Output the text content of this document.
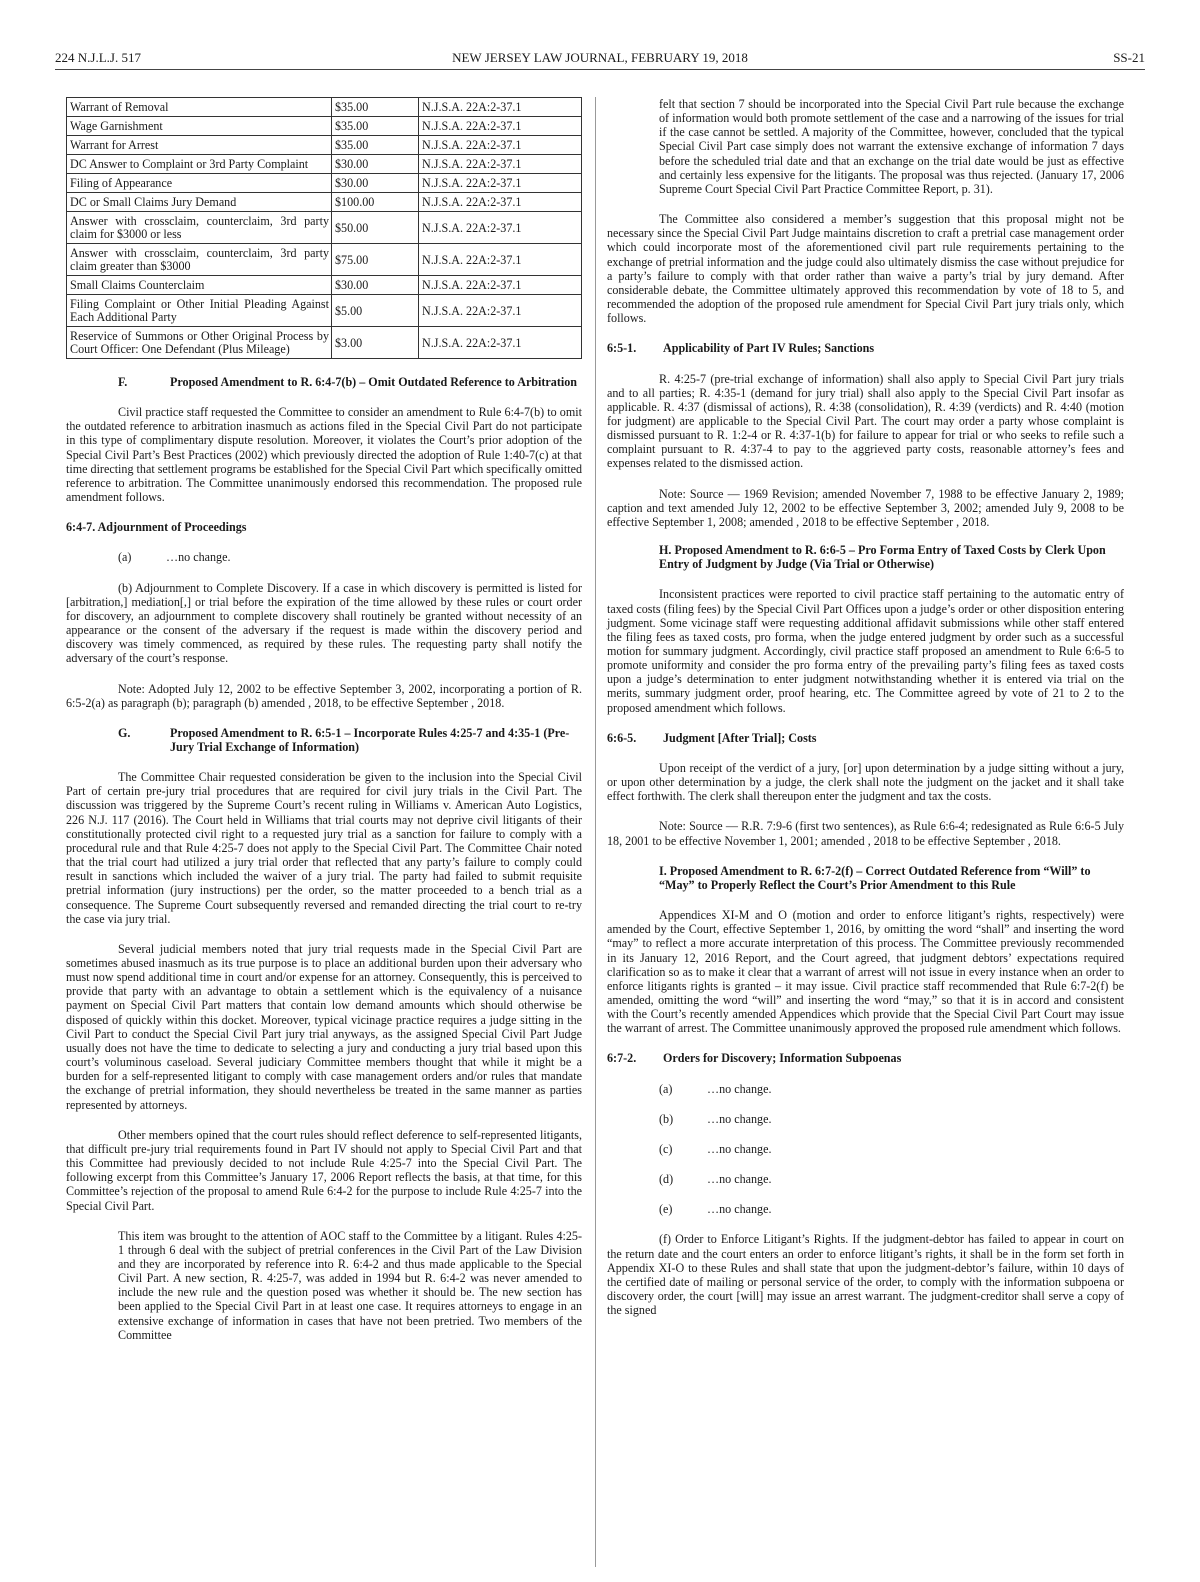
224 N.J.L.J. 517	NEW JERSEY LAW JOURNAL, FEBRUARY 19, 2018	SS-21
Warrant of Removal	$35.00	N.J.S.A. 22A:2-37.1
Wage Garnishment	$35.00	N.J.S.A. 22A:2-37.1
Warrant for Arrest	$35.00	N.J.S.A. 22A:2-37.1
DC Answer to Complaint or 3rd Party Complaint	$30.00	N.J.S.A. 22A:2-37.1
Filing of Appearance	$30.00	N.J.S.A. 22A:2-37.1
DC or Small Claims Jury Demand	$100.00	N.J.S.A. 22A:2-37.1
Answer with crossclaim, counterclaim, 3rd party claim for $3000 or less	$50.00	N.J.S.A. 22A:2-37.1
Answer with crossclaim, counterclaim, 3rd party claim greater than $3000	$75.00	N.J.S.A. 22A:2-37.1
Small Claims Counterclaim	$30.00	N.J.S.A. 22A:2-37.1
Filing Complaint or Other Initial Pleading Against Each Additional Party	$5.00	N.J.S.A. 22A:2-37.1
Reservice of Summons or Other Original Process by Court Officer: One Defendant (Plus Mileage)	$3.00	N.J.S.A. 22A:2-37.1
F.	Proposed Amendment to R. 6:4-7(b) – Omit Outdated Reference to Arbitration

Civil practice staff requested the Committee to consider an amendment to Rule 6:4-7(b) to omit the outdated reference to arbitration inasmuch as actions filed in the Special Civil Part do not participate in this type of complimentary dispute resolution. Moreover, it violates the Court’s prior adoption of the Special Civil Part’s Best Practices (2002) which previously directed the adoption of Rule 1:40-7(c) at that time directing that settlement programs be established for the Special Civil Part which specifically omitted reference to arbitration. The Committee unanimously endorsed this recommendation. The proposed rule amendment follows.

6:4-7. Adjournment of Proceedings

(a)	…no change.

(b) Adjournment to Complete Discovery. If a case in which discovery is permitted is listed for [arbitration,] mediation[,] or trial before the expiration of the time allowed by these rules or court order for discovery, an adjournment to complete discovery shall routinely be granted without necessity of an appearance or the consent of the adversary if the request is made within the discovery period and discovery was timely commenced, as required by these rules. The requesting party shall notify the adversary of the court’s response.

Note: Adopted July 12, 2002 to be effective September 3, 2002, incorporating a portion of R. 6:5-2(a) as paragraph (b); paragraph (b) amended , 2018, to be effective September , 2018.

G.	Proposed Amendment to R. 6:5-1 – Incorporate Rules 4:25-7 and 4:35-1 (Pre-Jury Trial Exchange of Information)

The Committee Chair requested consideration be given to the inclusion into the Special Civil Part of certain pre-jury trial procedures that are required for civil jury trials in the Civil Part. The discussion was triggered by the Supreme Court’s recent ruling in Williams v. American Auto Logistics, 226 N.J. 117 (2016). The Court held in Williams that trial courts may not deprive civil litigants of their constitutionally protected civil right to a requested jury trial as a sanction for failure to comply with a procedural rule and that Rule 4:25-7 does not apply to the Special Civil Part. The Committee Chair noted that the trial court had utilized a jury trial order that reflected that any party’s failure to comply could result in sanctions which included the waiver of a jury trial. The party had failed to submit requisite pretrial information (jury instructions) per the order, so the matter proceeded to a bench trial as a consequence. The Supreme Court subsequently reversed and remanded directing the trial court to re-try the case via jury trial.

Several judicial members noted that jury trial requests made in the Special Civil Part are sometimes abused inasmuch as its true purpose is to place an additional burden upon their adversary who must now spend additional time in court and/or expense for an attorney. Consequently, this is perceived to provide that party with an advantage to obtain a settlement which is the equivalency of a nuisance payment on Special Civil Part matters that contain low demand amounts which should otherwise be disposed of quickly within this docket. Moreover, typical vicinage practice requires a judge sitting in the Civil Part to conduct the Special Civil Part jury trial anyways, as the assigned Special Civil Part Judge usually does not have the time to dedicate to selecting a jury and conducting a jury trial based upon this court’s voluminous caseload. Several judiciary Committee members thought that while it might be a burden for a self-represented litigant to comply with case management orders and/or rules that mandate the exchange of pretrial information, they should nevertheless be treated in the same manner as parties represented by attorneys.

Other members opined that the court rules should reflect deference to self-represented litigants, that difficult pre-jury trial requirements found in Part IV should not apply to Special Civil Part and that this Committee had previously decided to not include Rule 4:25-7 into the Special Civil Part. The following excerpt from this Committee’s January 17, 2006 Report reflects the basis, at that time, for this Committee’s rejection of the proposal to amend Rule 6:4-2 for the purpose to include Rule 4:25-7 into the Special Civil Part.

This item was brought to the attention of AOC staff to the Committee by a litigant. Rules 4:25-1 through 6 deal with the subject of pretrial conferences in the Civil Part of the Law Division and they are incorporated by reference into R. 6:4-2 and thus made applicable to the Special Civil Part. A new section, R. 4:25-7, was added in 1994 but R. 6:4-2 was never amended to include the new rule and the question posed was whether it should be. The new section has been applied to the Special Civil Part in at least one case. It requires attorneys to engage in an extensive exchange of information in cases that have not been pretried. Two members of the Committee

felt that section 7 should be incorporated into the Special Civil Part rule because the exchange of information would both promote settlement of the case and a narrowing of the issues for trial if the case cannot be settled. A majority of the Committee, however, concluded that the typical Special Civil Part case simply does not warrant the extensive exchange of information 7 days before the scheduled trial date and that an exchange on the trial date would be just as effective and certainly less expensive for the litigants. The proposal was thus rejected. (January 17, 2006 Supreme Court Special Civil Part Practice Committee Report, p. 31).

The Committee also considered a member’s suggestion that this proposal might not be necessary since the Special Civil Part Judge maintains discretion to craft a pretrial case management order which could incorporate most of the aforementioned civil part rule requirements pertaining to the exchange of pretrial information and the judge could also ultimately dismiss the case without prejudice for a party’s failure to comply with that order rather than waive a party’s trial by jury demand. After considerable debate, the Committee ultimately approved this recommendation by vote of 18 to 5, and recommended the adoption of the proposed rule amendment for Special Civil Part jury trials only, which follows.

6:5-1.	Applicability of Part IV Rules; Sanctions

R. 4:25-7 (pre-trial exchange of information) shall also apply to Special Civil Part jury trials and to all parties; R. 4:35-1 (demand for jury trial) shall also apply to the Special Civil Part insofar as applicable. R. 4:37 (dismissal of actions), R. 4:38 (consolidation), R. 4:39 (verdicts) and R. 4:40 (motion for judgment) are applicable to the Special Civil Part. The court may order a party whose complaint is dismissed pursuant to R. 1:2-4 or R. 4:37-1(b) for failure to appear for trial or who seeks to refile such a complaint pursuant to R. 4:37-4 to pay to the aggrieved party costs, reasonable attorney’s fees and expenses related to the dismissed action.

Note: Source — 1969 Revision; amended November 7, 1988 to be effective January 2, 1989; caption and text amended July 12, 2002 to be effective September 3, 2002; amended July 9, 2008 to be effective September 1, 2008; amended , 2018 to be effective September , 2018.

H. Proposed Amendment to R. 6:6-5 – Pro Forma Entry of Taxed Costs by Clerk Upon Entry of Judgment by Judge (Via Trial or Otherwise)

Inconsistent practices were reported to civil practice staff pertaining to the automatic entry of taxed costs (filing fees) by the Special Civil Part Offices upon a judge’s order or other disposition entering judgment. Some vicinage staff were requesting additional affidavit submissions while other staff entered the filing fees as taxed costs, pro forma, when the judge entered judgment by order such as a successful motion for summary judgment. Accordingly, civil practice staff proposed an amendment to Rule 6:6-5 to promote uniformity and consider the pro forma entry of the prevailing party’s filing fees as taxed costs upon a judge’s determination to enter judgment notwithstanding whether it is entered via trial on the merits, summary judgment order, proof hearing, etc. The Committee agreed by vote of 21 to 2 to the proposed amendment which follows.

6:6-5.	Judgment [After Trial]; Costs

Upon receipt of the verdict of a jury, [or] upon determination by a judge sitting without a jury, or upon other determination by a judge, the clerk shall note the judgment on the jacket and it shall take effect forthwith. The clerk shall thereupon enter the judgment and tax the costs.

Note: Source — R.R. 7:9-6 (first two sentences), as Rule 6:6-4; redesignated as Rule 6:6-5 July 18, 2001 to be effective November 1, 2001; amended , 2018 to be effective September , 2018.

I. Proposed Amendment to R. 6:7-2(f) – Correct Outdated Reference from “Will” to “May” to Properly Reflect the Court’s Prior Amendment to this Rule

Appendices XI-M and O (motion and order to enforce litigant’s rights, respectively) were amended by the Court, effective September 1, 2016, by omitting the word “shall” and inserting the word “may” to reflect a more accurate interpretation of this process. The Committee previously recommended in its January 12, 2016 Report, and the Court agreed, that judgment debtors’ expectations required clarification so as to make it clear that a warrant of arrest will not issue in every instance when an order to enforce litigants rights is granted – it may issue. Civil practice staff recommended that Rule 6:7-2(f) be amended, omitting the word “will” and inserting the word “may,” so that it is in accord and consistent with the Court’s recently amended Appendices which provide that the Special Civil Part Court may issue the warrant of arrest. The Committee unanimously approved the proposed rule amendment which follows.

6:7-2.	Orders for Discovery; Information Subpoenas
(a)	…no change.
(b)	…no change.
(c)	…no change.
(d)	…no change.
(e)	…no change.

(f) Order to Enforce Litigant’s Rights. If the judgment-debtor has failed to appear in court on the return date and the court enters an order to enforce litigant’s rights, it shall be in the form set forth in Appendix XI-O to these Rules and shall state that upon the judgment-debtor’s failure, within 10 days of the certified date of mailing or personal service of the order, to comply with the information subpoena or discovery order, the court [will] may issue an arrest warrant. The judgment-creditor shall serve a copy of the signed
